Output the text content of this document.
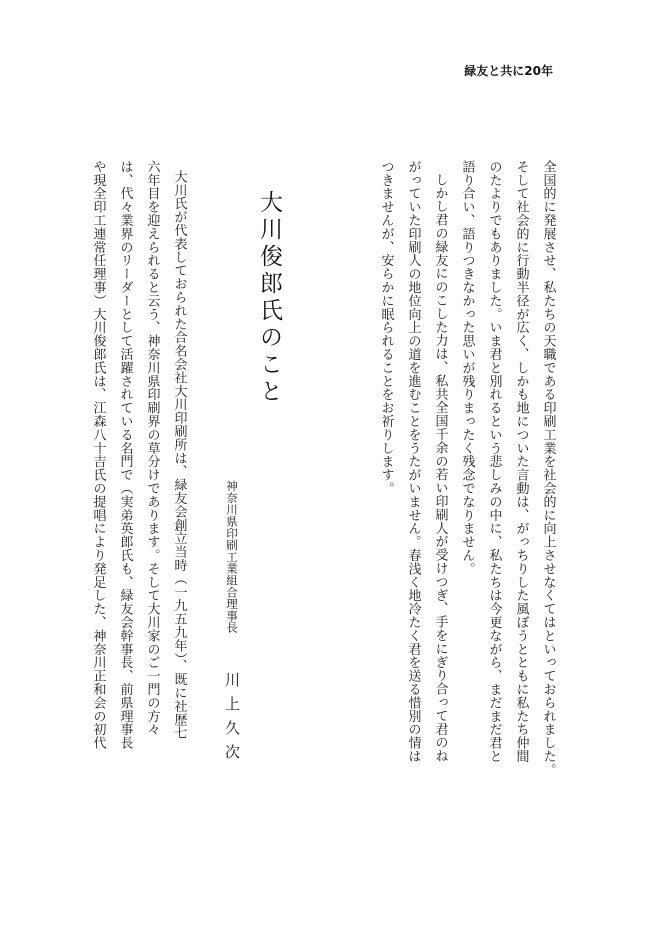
緑友と共に20年
全国的に発展させ、私たちの天職である印刷工業を社会的に向上させなくてはといっておられました。
そして社会的に行動半径が広く、しかも地についた言動は、がっちりした風ぼうとともに私たち仲間
のたよりでもありました。いま君と別れるという悲しみの中に、私たちは今更ながら、まだまだ君と
語り合い、語りつきなかった思いが残りまったく残念でなりません。
しかし君の緑友にのこした力は、私共全国千余の若い印刷人が受けつぎ、手をにぎり合って君のね
がっていた印刷人の地位向上の道を進むことをうたがいません。春浅く地冷たく君を送る惜別の情は
つきませんが、安らかに眠られることをお祈りします。
大川俊郎氏のこと
神奈川県印刷工業組合理事長
川上久次
大川氏が代表しておられた合名会社大川印刷所は、緑友会創立当時（一九五九年）、既に社歴七
六年目を迎えられると云う、神奈川県印刷界の草分けであります。そして大川家のご一門の方々
は、代々業界のリーダーとして活躍されている名門で（実弟英郎氏も、緑友会幹事長、前県理事長
や現全印工連常任理事）大川俊郎氏は、江森八十吉氏の提唱により発足した、神奈川正和会の初代
